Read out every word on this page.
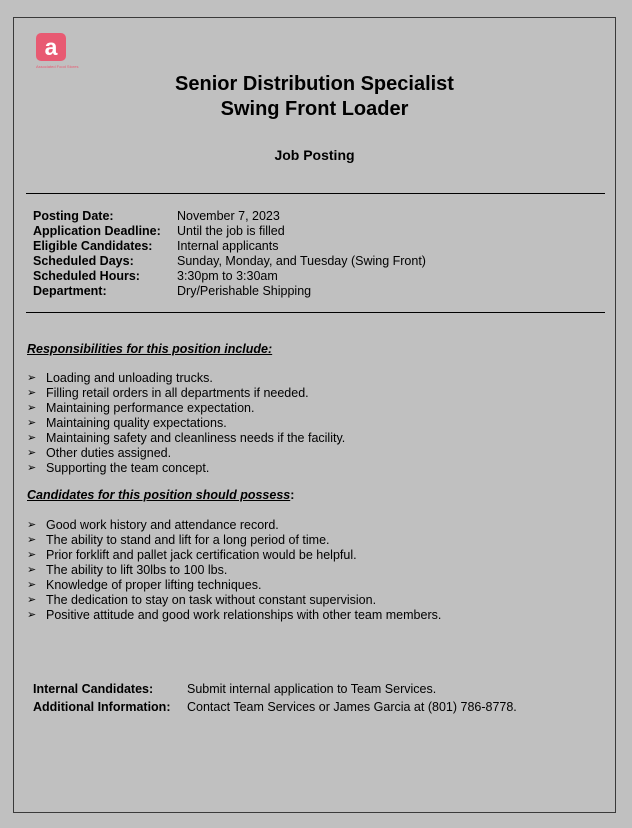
a
Associated Food Stores
Senior Distribution Specialist
Swing Front Loader
Job Posting
Posting Date:	November 7, 2023
Application Deadline: Until the job is filled
Eligible Candidates: Internal applicants
Scheduled Days:	Sunday, Monday, and Tuesday (Swing Front)
Scheduled Hours:	3:30pm to 3:30am
Department:	Dry/Perishable Shipping
Responsibilities for this position include:
➢ Loading and unloading trucks.
➢ Filling retail orders in all departments if needed.
➢ Maintaining performance expectation.
➢ Maintaining quality expectations.
➢ Maintaining safety and cleanliness needs if the facility.
➢ Other duties assigned.
➢ Supporting the team concept.
Candidates for this position should possess:
➢ Good work history and attendance record.
➢ The ability to stand and lift for a long period of time.
➢ Prior forklift and pallet jack certification would be helpful.
➢ The ability to lift 30lbs to 100 lbs.
➢ Knowledge of proper lifting techniques.
➢ The dedication to stay on task without constant supervision.
➢ Positive attitude and good work relationships with other team members.
Internal Candidates:	Submit internal application to Team Services.
Additional Information: Contact Team Services or James Garcia at (801) 786-8778.
